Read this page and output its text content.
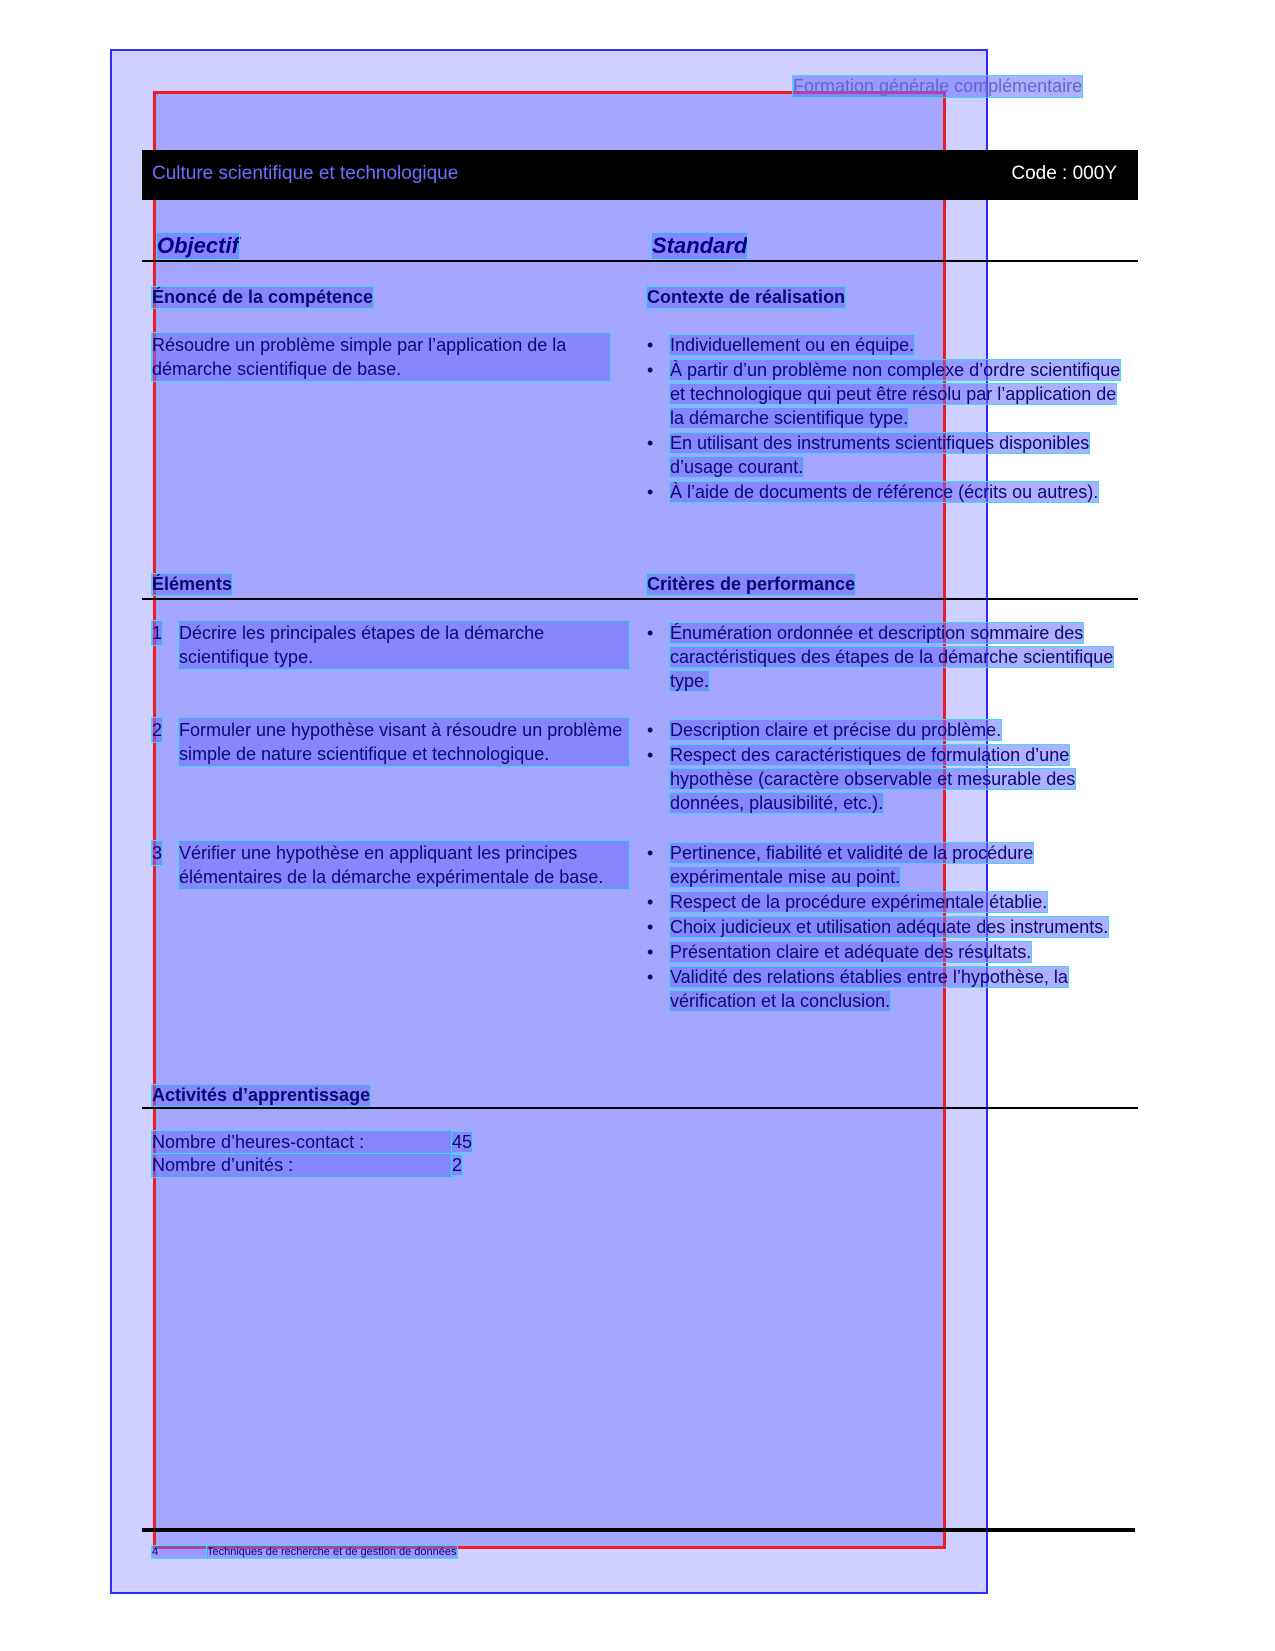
Formation générale complémentaire
Culture scientifique et technologique	Code : 000Y
Objectif	Standard
Énoncé de la compétence	Contexte de réalisation
Résoudre un problème simple par l’application de la démarche scientifique de base.
• Individuellement ou en équipe.
• À partir d’un problème non complexe d’ordre scientifique et technologique qui peut être résolu par l’application de la démarche scientifique type.
• En utilisant des instruments scientifiques disponibles d’usage courant.
• À l’aide de documents de référence (écrits ou autres).
Éléments	Critères de performance
1 Décrire les principales étapes de la démarche scientifique type.
• Énumération ordonnée et description sommaire des caractéristiques des étapes de la démarche scientifique type.
2 Formuler une hypothèse visant à résoudre un problème simple de nature scientifique et technologique.
• Description claire et précise du problème.
• Respect des caractéristiques de formulation d’une hypothèse (caractère observable et mesurable des données, plausibilité, etc.).
3 Vérifier une hypothèse en appliquant les principes élémentaires de la démarche expérimentale de base.
• Pertinence, fiabilité et validité de la procédure expérimentale mise au point.
• Respect de la procédure expérimentale établie.
• Choix judicieux et utilisation adéquate des instruments.
• Présentation claire et adéquate des résultats.
• Validité des relations établies entre l’hypothèse, la vérification et la conclusion.
Activités d’apprentissage
Nombre d’heures-contact :	45
Nombre d’unités :	2
4	Techniques de recherche et de gestion de données
